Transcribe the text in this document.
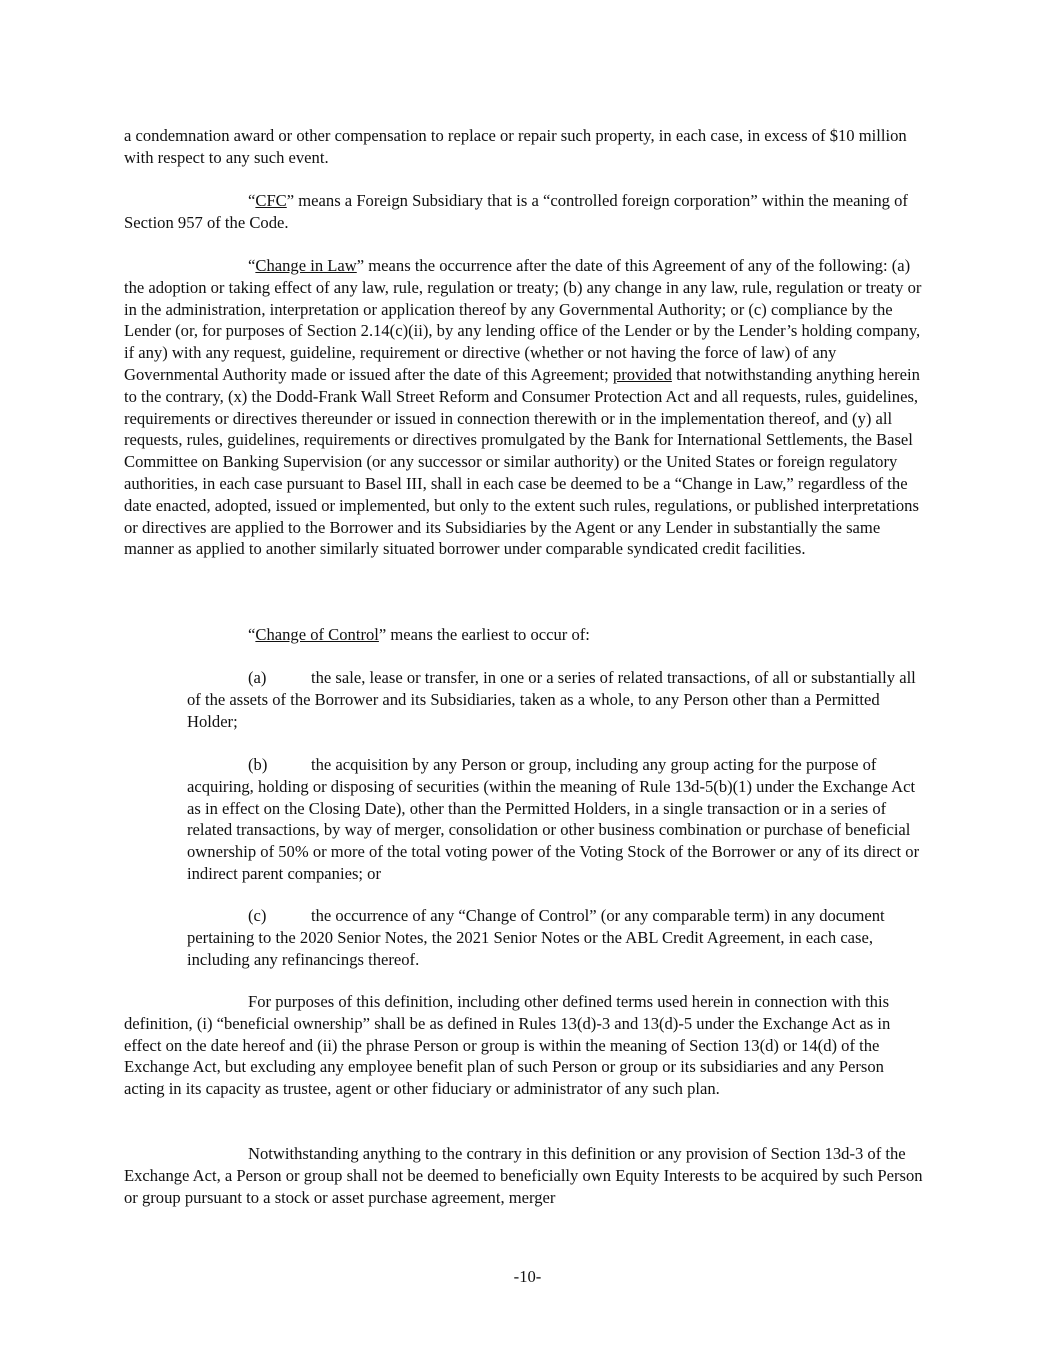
a condemnation award or other compensation to replace or repair such property, in each case, in excess of $10 million with respect to any such event.

“CFC” means a Foreign Subsidiary that is a “controlled foreign corporation” within the meaning of Section 957 of the Code.

“Change in Law” means the occurrence after the date of this Agreement of any of the following: (a) the adoption or taking effect of any law, rule, regulation or treaty; (b) any change in any law, rule, regulation or treaty or in the administration, interpretation or application thereof by any Governmental Authority; or (c) compliance by the Lender (or, for purposes of Section 2.14(c)(ii), by any lending office of the Lender or by the Lender’s holding company, if any) with any request, guideline, requirement or directive (whether or not having the force of law) of any Governmental Authority made or issued after the date of this Agreement; provided that notwithstanding anything herein to the contrary, (x) the Dodd-Frank Wall Street Reform and Consumer Protection Act and all requests, rules, guidelines, requirements or directives thereunder or issued in connection therewith or in the implementation thereof, and (y) all requests, rules, guidelines, requirements or directives promulgated by the Bank for International Settlements, the Basel Committee on Banking Supervision (or any successor or similar authority) or the United States or foreign regulatory authorities, in each case pursuant to Basel III, shall in each case be deemed to be a “Change in Law,” regardless of the date enacted, adopted, issued or implemented, but only to the extent such rules, regulations, or published interpretations or directives are applied to the Borrower and its Subsidiaries by the Agent or any Lender in substantially the same manner as applied to another similarly situated borrower under comparable syndicated credit facilities.

“Change of Control” means the earliest to occur of:

(a)	the sale, lease or transfer, in one or a series of related transactions, of all or substantially all of the assets of the Borrower and its Subsidiaries, taken as a whole, to any Person other than a Permitted Holder;

(b)	the acquisition by any Person or group, including any group acting for the purpose of acquiring, holding or disposing of securities (within the meaning of Rule 13d-5(b)(1) under the Exchange Act as in effect on the Closing Date), other than the Permitted Holders, in a single transaction or in a series of related transactions, by way of merger, consolidation or other business combination or purchase of beneficial ownership of 50% or more of the total voting power of the Voting Stock of the Borrower or any of its direct or indirect parent companies; or

(c)	the occurrence of any “Change of Control” (or any comparable term) in any document pertaining to the 2020 Senior Notes, the 2021 Senior Notes or the ABL Credit Agreement, in each case, including any refinancings thereof.

For purposes of this definition, including other defined terms used herein in connection with this definition, (i) “beneficial ownership” shall be as defined in Rules 13(d)-3 and 13(d)-5 under the Exchange Act as in effect on the date hereof and (ii) the phrase Person or group is within the meaning of Section 13(d) or 14(d) of the Exchange Act, but excluding any employee benefit plan of such Person or group or its subsidiaries and any Person acting in its capacity as trustee, agent or other fiduciary or administrator of any such plan.

Notwithstanding anything to the contrary in this definition or any provision of Section 13d-3 of the Exchange Act, a Person or group shall not be deemed to beneficially own Equity Interests to be acquired by such Person or group pursuant to a stock or asset purchase agreement, merger

-10-
